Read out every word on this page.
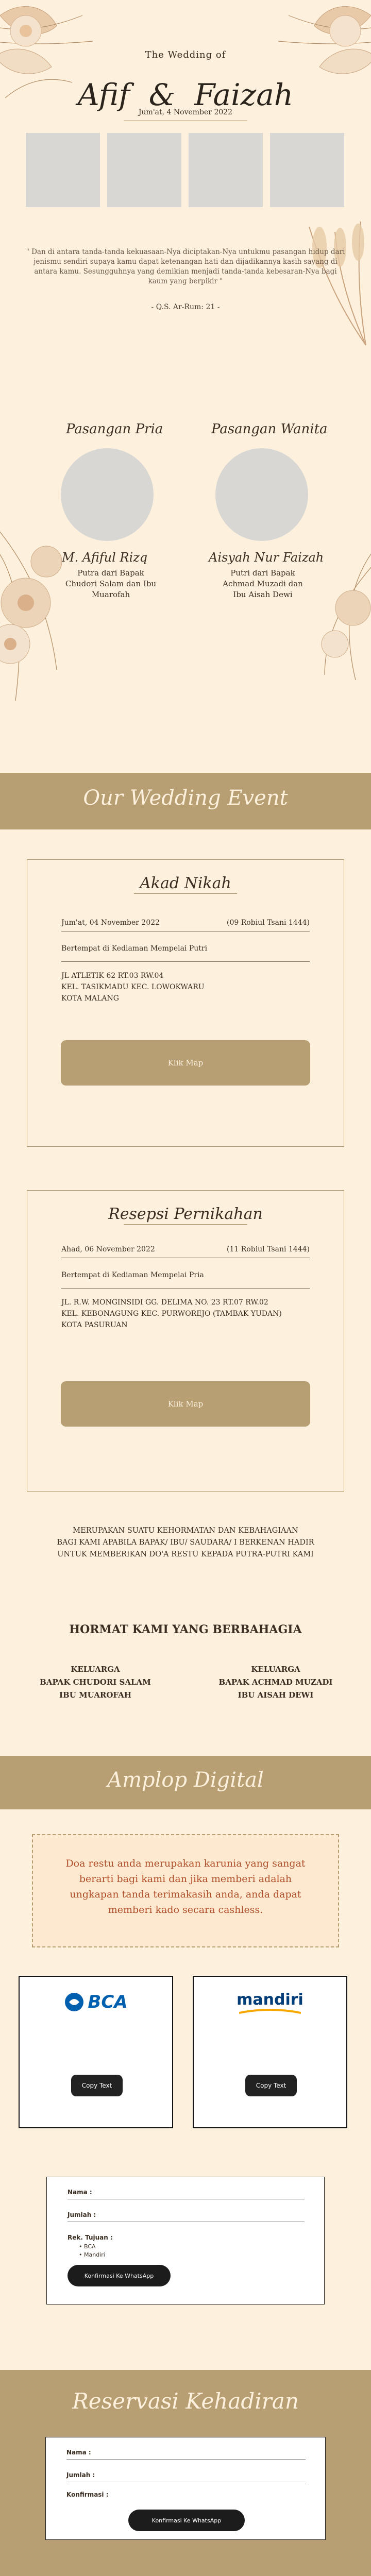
The Wedding of
Afif & Faizah
Jum'at, 4 November 2022
" Dan di antara tanda-tanda kekuasaan-Nya diciptakan-Nya untukmu pasangan hidup dari jenismu sendiri supaya kamu dapat ketenangan hati dan dijadikannya kasih sayang di antara kamu. Sesungguhnya yang demikian menjadi tanda-tanda kebesaran-Nya bagi kaum yang berpikir "
- Q.S. Ar-Rum: 21 -
Pasangan Pria	Pasangan Wanita
M. Afiful Rizq	Aisyah Nur Faizah
Putra dari Bapak
Chudori Salam dan Ibu
Muarofah
Putri dari Bapak
Achmad Muzadi dan
Ibu Aisah Dewi
Our Wedding Event
Akad Nikah
Jum'at, 04 November 2022	(09 Robiul Tsani 1444)
Bertempat di Kediaman Mempelai Putri
JL ATLETIK 62 RT.03 RW.04
KEL. TASIKMADU KEC. LOWOKWARU
KOTA MALANG
Klik Map
Resepsi Pernikahan
Ahad, 06 November 2022	(11 Robiul Tsani 1444)
Bertempat di Kediaman Mempelai Pria
JL. R.W. MONGINSIDI GG. DELIMA NO. 23 RT.07 RW.02
KEL. KEBONAGUNG KEC. PURWOREJO (TAMBAK YUDAN)
KOTA PASURUAN
Klik Map
MERUPAKAN SUATU KEHORMATAN DAN KEBAHAGIAAN
BAGI KAMI APABILA BAPAK/ IBU/ SAUDARA/ I BERKENAN HADIR
UNTUK MEMBERIKAN DO'A RESTU KEPADA PUTRA-PUTRI KAMI
HORMAT KAMI YANG BERBAHAGIA
KELUARGA
BAPAK CHUDORI SALAM
IBU MUAROFAH
KELUARGA
BAPAK ACHMAD MUZADI
IBU AISAH DEWI
Amplop Digital

Doa restu anda merupakan karunia yang sangat berarti bagi kami dan jika memberi adalah ungkapan tanda terimakasih anda, anda dapat memberi kado secara cashless.

BCA
Copy Text
mandiri
Copy Text
Nama :
Jumlah :
Rek. Tujuan :
• BCA
• Mandiri
Konfirmasi Ke WhatsApp
Reservasi Kehadiran
Nama :
Jumlah :
Konfirmasi :
Konfirmasi Ke WhatsApp
